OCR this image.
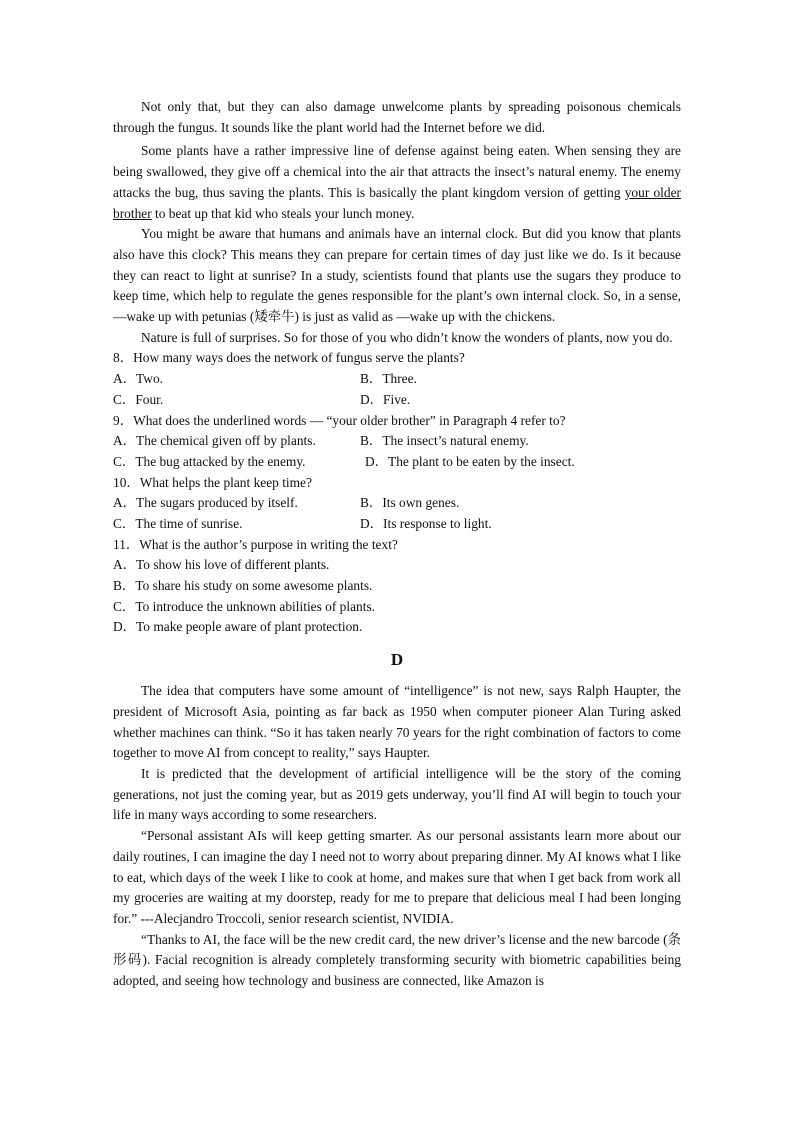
Not only that, but they can also damage unwelcome plants by spreading poisonous chemicals through the fungus. It sounds like the plant world had the Internet before we did.

Some plants have a rather impressive line of defense against being eaten. When sensing they are being swallowed, they give off a chemical into the air that attracts the insect’s natural enemy. The enemy attacks the bug, thus saving the plants. This is basically the plant kingdom version of getting your older brother to beat up that kid who steals your lunch money.

You might be aware that humans and animals have an internal clock. But did you know that plants also have this clock? This means they can prepare for certain times of day just like we do. Is it because they can react to light at sunrise? In a study, scientists found that plants use the sugars they produce to keep time, which help to regulate the genes responsible for the plant’s own internal clock. So, in a sense, ―wake up with petunias (矮牵牛) is just as valid as ―wake up with the chickens.

Nature is full of surprises. So for those of you who didn’t know the wonders of plants, now you do.

8．How many ways does the network of fungus serve the plants?
A．Two.	B．Three.
C．Four.	D．Five.
9．What does the underlined words — “your older brother” in Paragraph 4 refer to?
A．The chemical given off by plants.	B．The insect’s natural enemy.
C．The bug attacked by the enemy.	D．The plant to be eaten by the insect.
10．What helps the plant keep time?
A．The sugars produced by itself.	B．Its own genes.
C．The time of sunrise.	D．Its response to light.
11．What is the author’s purpose in writing the text?
A．To show his love of different plants.
B．To share his study on some awesome plants.
C．To introduce the unknown abilities of plants.
D．To make people aware of plant protection.
D

The idea that computers have some amount of “intelligence” is not new, says Ralph Haupter, the president of Microsoft Asia, pointing as far back as 1950 when computer pioneer Alan Turing asked whether machines can think. “So it has taken nearly 70 years for the right combination of factors to come together to move AI from concept to reality,” says Haupter.

It is predicted that the development of artificial intelligence will be the story of the coming generations, not just the coming year, but as 2019 gets underway, you’ll find AI will begin to touch your life in many ways according to some researchers.

“Personal assistant AIs will keep getting smarter. As our personal assistants learn more about our daily routines, I can imagine the day I need not to worry about preparing dinner. My AI knows what I like to eat, which days of the week I like to cook at home, and makes sure that when I get back from work all my groceries are waiting at my doorstep, ready for me to prepare that delicious meal I had been longing for.” ---Alecjandro Troccoli, senior research scientist, NVIDIA.

“Thanks to AI, the face will be the new credit card, the new driver’s license and the new barcode (条形码). Facial recognition is already completely transforming security with biometric capabilities being adopted, and seeing how technology and business are connected, like Amazon is
